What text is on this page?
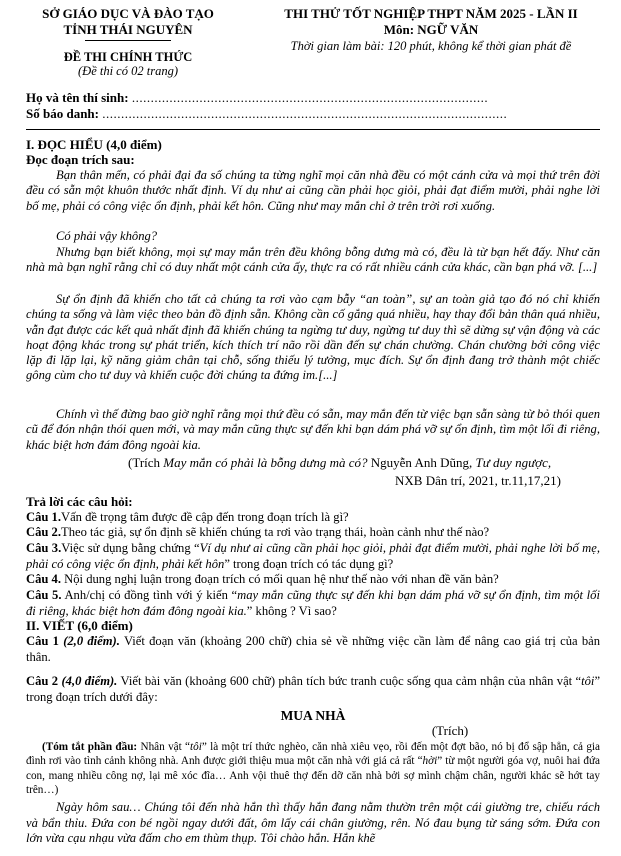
SỞ GIÁO DỤC VÀ ĐÀO TẠO
TỈNH THÁI NGUYÊN
ĐỀ THI CHÍNH THỨC
(Đề thi có 02 trang)
THI THỬ TỐT NGHIỆP THPT NĂM 2025 - LẦN II
Môn: NGỮ VĂN
Thời gian làm bài: 120 phút, không kể thời gian phát đề
Họ và tên thí sinh: ...............................................................................................
Số báo danh: ............................................................................................................
I. ĐỌC HIỂU (4,0 điểm)
Đọc đoạn trích sau:
Bạn thân mến, có phải đại đa số chúng ta từng nghĩ mọi căn nhà đều có một cánh cửa và mọi thứ trên đời đều có sẵn một khuôn thước nhất định. Ví dụ như ai cũng cần phải học giỏi, phải đạt điểm mười, phải nghe lời bố mẹ, phải có công việc ổn định, phải kết hôn. Cũng như may mắn chỉ ở trên trời rơi xuống.
Có phải vậy không?
Nhưng bạn biết không, mọi sự may mắn trên đều không bỗng dưng mà có, đều là từ bạn hết đấy. Như căn nhà mà bạn nghĩ rằng chỉ có duy nhất một cánh cửa ấy, thực ra có rất nhiều cánh cửa khác, cần bạn phá vỡ. [...]
Sự ổn định đã khiến cho tất cả chúng ta rơi vào cạm bẫy “an toàn”, sự an toàn giả tạo đó nó chỉ khiến chúng ta sống và làm việc theo bản đồ định sẵn. Không cần cố gắng quá nhiều, hay thay đổi bản thân quá nhiều, vẫn đạt được các kết quả nhất định đã khiến chúng ta ngừng tư duy, ngừng tư duy thì sẽ dừng sự vận động và các hoạt động khác trong sự phát triển, kích thích trí não rồi dần đến sự chán chường. Chán chường bởi công việc lặp đi lặp lại, kỹ năng giảm chân tại chỗ, sống thiếu lý tưởng, mục đích. Sự ổn định đang trở thành một chiếc gông cùm cho tư duy và khiến cuộc đời chúng ta đứng im.[...]
Chính vì thế đừng bao giờ nghĩ rằng mọi thứ đều có sẵn, may mắn đến từ việc bạn sẵn sàng từ bỏ thói quen cũ để đón nhận thói quen mới, và may mắn cũng thực sự đến khi bạn dám phá vỡ sự ổn định, tìm một lối đi riêng, khác biệt hơn đám đông ngoài kia.
(Trích May mắn có phải là bỗng dưng mà có? Nguyễn Anh Dũng, Tư duy ngược,
NXB Dân trí, 2021, tr.11,17,21)
Trả lời các câu hỏi:
Câu 1.Vấn đề trọng tâm được đề cập đến trong đoạn trích là gì?
Câu 2.Theo tác giả, sự ổn định sẽ khiến chúng ta rơi vào trạng thái, hoàn cảnh như thế nào?
Câu 3.Việc sử dụng bằng chứng “Ví dụ như ai cũng cần phải học giỏi, phải đạt điểm mười, phải nghe lời bố mẹ, phải có công việc ổn định, phải kết hôn” trong đoạn trích có tác dụng gì?
Câu 4. Nội dung nghị luận trong đoạn trích có mối quan hệ như thế nào với nhan đề văn bản?
Câu 5. Anh/chị có đồng tình với ý kiến “may mắn cũng thực sự đến khi bạn dám phá vỡ sự ổn định, tìm một lối đi riêng, khác biệt hơn đám đông ngoài kia.” không ? Vì sao?
II. VIẾT (6,0 điểm)
Câu 1 (2,0 điểm). Viết đoạn văn (khoảng 200 chữ) chia sẻ về những việc cần làm để nâng cao giá trị của bản thân.
Câu 2 (4,0 điểm). Viết bài văn (khoảng 600 chữ) phân tích bức tranh cuộc sống qua cảm nhận của nhân vật “tôi” trong đoạn trích dưới đây:
MUA NHÀ
(Trích)
(Tóm tắt phần đầu: Nhân vật “tôi” là một trí thức nghèo, căn nhà xiêu vẹo, rồi đến một đợt bão, nó bị đổ sập hẳn, cả gia đình rơi vào tình cảnh không nhà. Anh được giới thiệu mua một căn nhà với giá cả rất “hời” từ một người góa vợ, nuôi hai đứa con, mang nhiều công nợ, lại mê xóc đĩa… Anh vội thuê thợ đến dỡ căn nhà bởi sợ mình chậm chân, người khác sẽ hớt tay trên…)
Ngày hôm sau… Chúng tôi đến nhà hắn thì thấy hắn đang nằm thườn trên một cái giường tre, chiếu rách và bẩn thỉu. Đứa con bé ngồi ngay dưới đất, ôm lấy cái chân giường, rên. Nó đau bụng từ sáng sớm. Đứa con lớn vừa cạu nhạu vừa đấm cho em thùm thụp. Tôi chào hắn. Hắn khẽ
